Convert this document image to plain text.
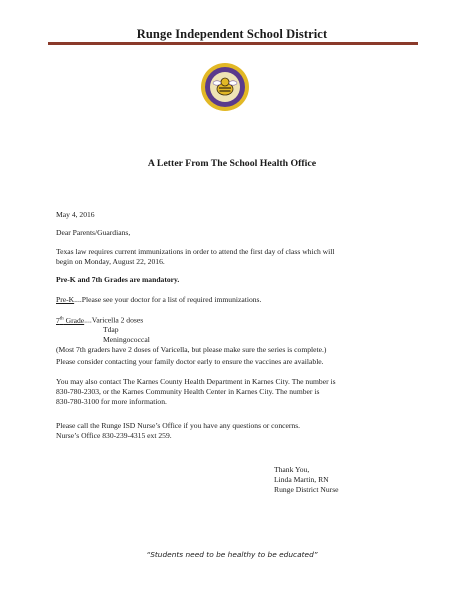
Runge Independent School District
A Letter From The School Health Office
May 4, 2016
Dear Parents/Guardians,
Texas law requires current immunizations in order to attend the first day of class which will
begin on Monday, August 22, 2016.
Pre-K and 7th Grades are mandatory.
Pre-K....Please see your doctor for a list of required immunizations.
7th Grade....Varicella 2 doses
Tdap
Meningococcal
(Most 7th graders have 2 doses of Varicella, but please make sure the series is complete.)
Please consider contacting your family doctor early to ensure the vaccines are available.
You may also contact The Karnes County Health Department in Karnes City. The number is
830-780-2303, or the Karnes Community Health Center in Karnes City. The number is
830-780-3100 for more information.
Please call the Runge ISD Nurse’s Office if you have any questions or concerns.
Nurse’s Office 830-239-4315 ext 259.
Thank You,
Linda Martin, RN
Runge District Nurse
“Students need to be healthy to be educated”
